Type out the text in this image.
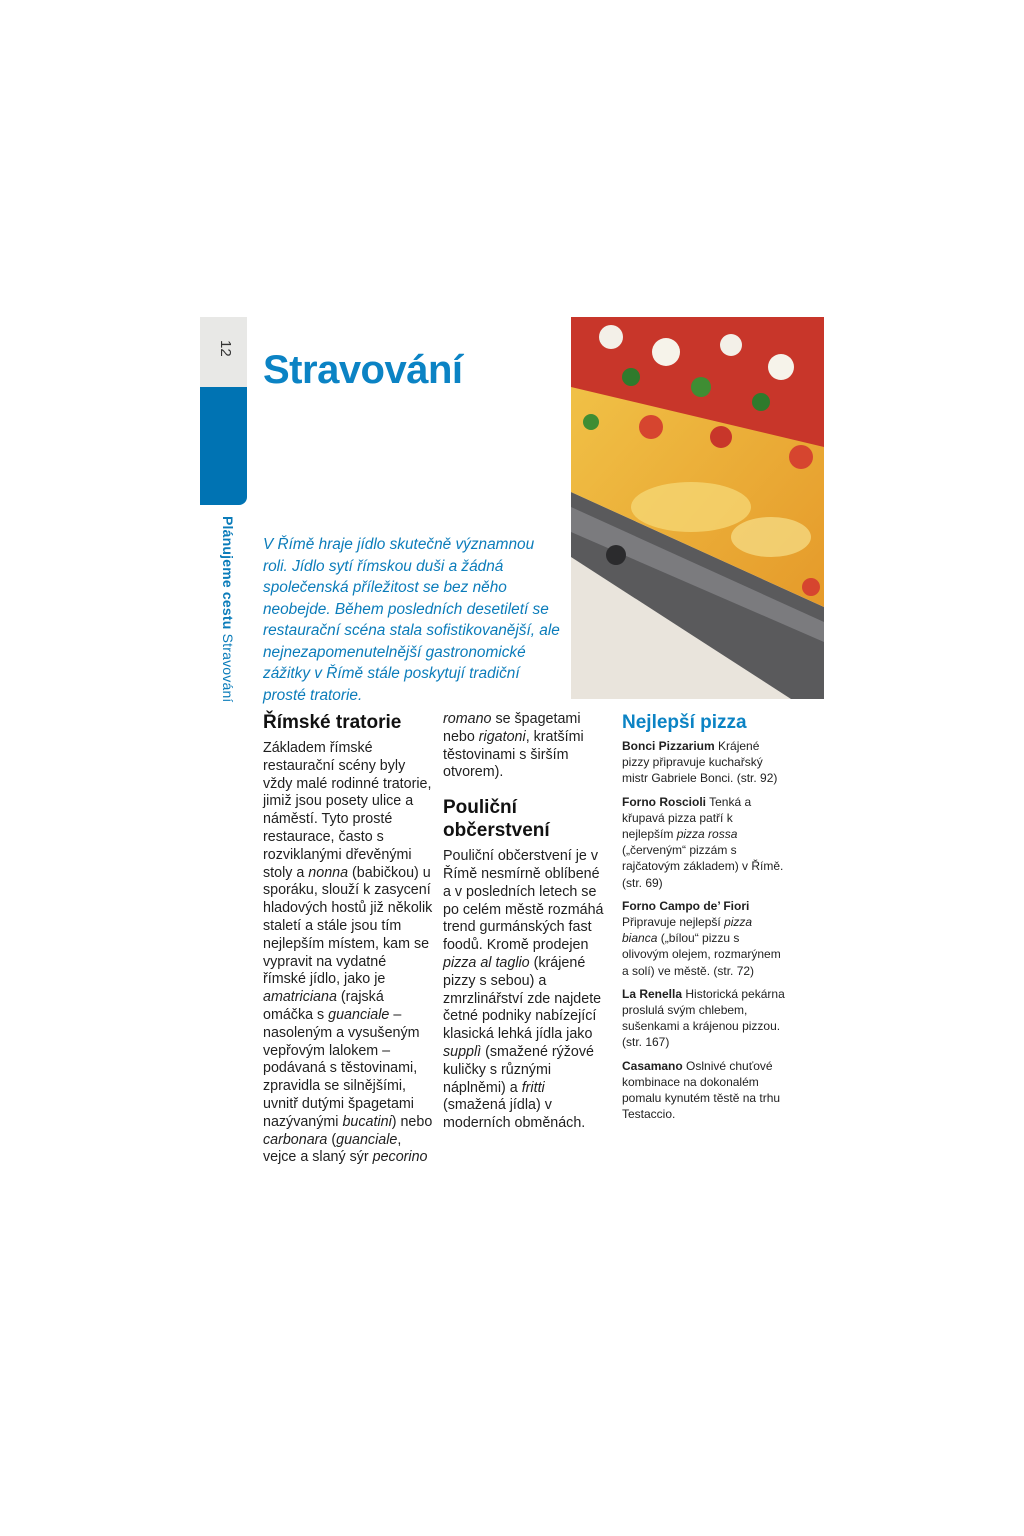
12
Plánujeme cestu Stravování
Stravování

V Římě hraje jídlo skutečně významnou roli. Jídlo sytí římskou duši a žádná společenská příležitost se bez něho neobejde. Během posledních desetiletí se restaurační scéna stala sofistikovanější, ale nejnezapomenutelnější gastronomické zážitky v Římě stále poskytují tradiční prosté tratorie.

Římské tratorie

Základem římské restaurační scény byly vždy malé rodinné tratorie, jimiž jsou posety ulice a náměstí. Tyto prosté restaurace, často s rozviklanými dřevěnými stoly a nonna (babičkou) u sporáku, slouží k zasycení hladových hostů již několik staletí a stále jsou tím nejlepším místem, kam se vypravit na vydatné římské jídlo, jako je amatriciana (rajská omáčka s guanciale – nasoleným a vysušeným vepřovým lalokem – podávaná s těstovinami, zpravidla se silnějšími, uvnitř dutými špagetami nazývanými bucatini) nebo carbonara (guanciale, vejce a slaný sýr pecorino

romano se špagetami nebo rigatoni, kratšími těstovinami s širším otvorem).

Pouliční občerstvení

Pouliční občerstvení je v Římě nesmírně oblíbené a v posledních letech se po celém městě rozmáhá trend gurmánských fast foodů. Kromě prodejen pizza al taglio (krájené pizzy s sebou) a zmrzlinářství zde najdete četné podniky nabízející klasická lehká jídla jako supplì (smažené rýžové kuličky s různými náplněmi) a fritti (smažená jídla) v moderních obměnách.

Nejlepší pizza

Bonci Pizzarium Krájené pizzy připravuje kuchařský mistr Gabriele Bonci. (str. 92)

Forno Roscioli Tenká a křupavá pizza patří k nejlepším pizza rossa („červeným“ pizzám s rajčatovým základem) v Římě. (str. 69)

Forno Campo de’ Fiori Připravuje nejlepší pizza bianca („bílou“ pizzu s olivovým olejem, rozmarýnem a solí) ve městě. (str. 72)

La Renella Historická pekárna proslulá svým chlebem, sušenkami a krájenou pizzou. (str. 167)

Casamano Oslnivé chuťové kombinace na dokonalém pomalu kynutém těstě na trhu Testaccio.
